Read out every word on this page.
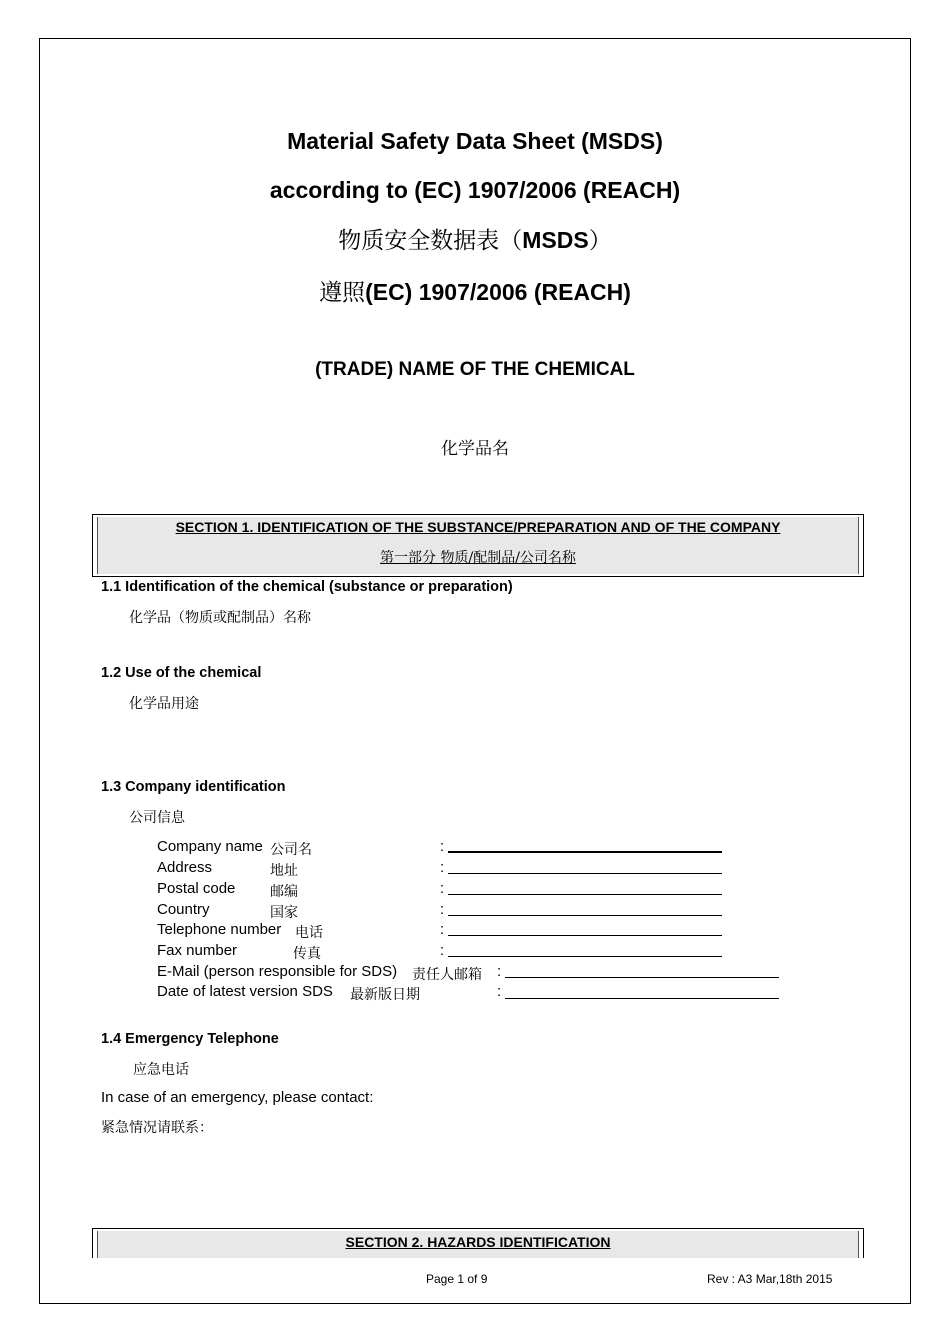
Material Safety Data Sheet (MSDS)
according to (EC) 1907/2006 (REACH)
物质安全数据表（MSDS）
遵照(EC) 1907/2006 (REACH)
(TRADE) NAME OF THE CHEMICAL
化学品名
SECTION 1. IDENTIFICATION OF THE SUBSTANCE/PREPARATION AND OF THE COMPANY
第一部分 物质/配制品/公司名称
1.1 Identification of the chemical (substance or preparation)
化学品（物质或配制品）名称
1.2 Use of the chemical
化学品用途
1.3 Company identification
公司信息
Company name 公司名	:
Address	地址	:
Postal code 邮编	:
Country	国家	:
Telephone number 电话	:
Fax number	传真	:
E-Mail (person responsible for SDS) 责任人邮箱 :
Date of latest version SDS 最新版日期	:
1.4 Emergency Telephone
应急电话
In case of an emergency, please contact:
紧急情况请联系：
SECTION 2. HAZARDS IDENTIFICATION
Page 1 of 9	Rev : A3 Mar,18th 2015
